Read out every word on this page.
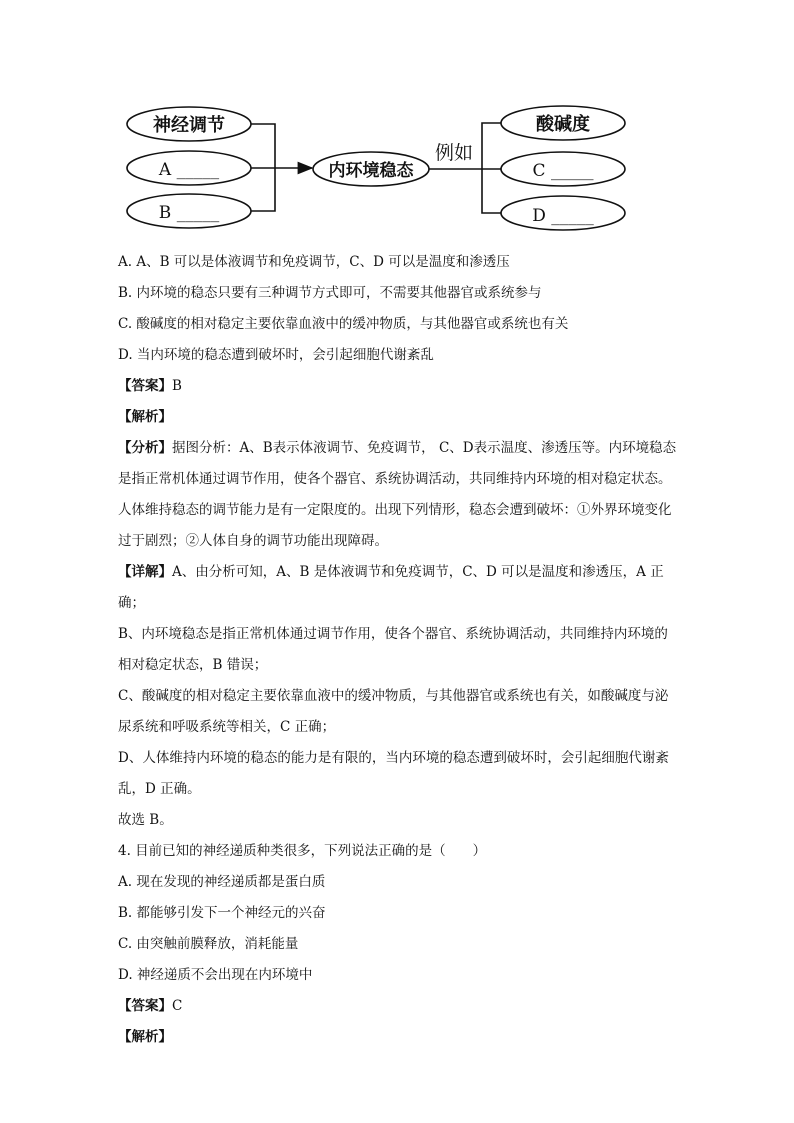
神经调节
A _____
B _____
内环境稳态
酸碱度
C _____
D _____
例如
A. A、B 可以是体液调节和免疫调节，C、D 可以是温度和渗透压
B. 内环境的稳态只要有三种调节方式即可，不需要其他器官或系统参与
C. 酸碱度的相对稳定主要依靠血液中的缓冲物质，与其他器官或系统也有关
D. 当内环境的稳态遭到破坏时，会引起细胞代谢紊乱
【答案】B
【解析】
【分析】据图分析：A、B表示体液调节、免疫调节， C、D表示温度、渗透压等。内环境稳态是指正常机体通过调节作用，使各个器官、系统协调活动，共同维持内环境的相对稳定状态。人体维持稳态的调节能力是有一定限度的。出现下列情形，稳态会遭到破坏：①外界环境变化过于剧烈；②人体自身的调节功能出现障碍。
【详解】A、由分析可知，A、B 是体液调节和免疫调节，C、D 可以是温度和渗透压，A 正确；
B、内环境稳态是指正常机体通过调节作用，使各个器官、系统协调活动，共同维持内环境的相对稳定状态，B 错误；
C、酸碱度的相对稳定主要依靠血液中的缓冲物质，与其他器官或系统也有关，如酸碱度与泌尿系统和呼吸系统等相关，C 正确；
D、人体维持内环境的稳态的能力是有限的，当内环境的稳态遭到破坏时，会引起细胞代谢紊乱，D 正确。
故选 B。
4. 目前已知的神经递质种类很多，下列说法正确的是（　　）
A. 现在发现的神经递质都是蛋白质
B. 都能够引发下一个神经元的兴奋
C. 由突触前膜释放，消耗能量
D. 神经递质不会出现在内环境中
【答案】C
【解析】
